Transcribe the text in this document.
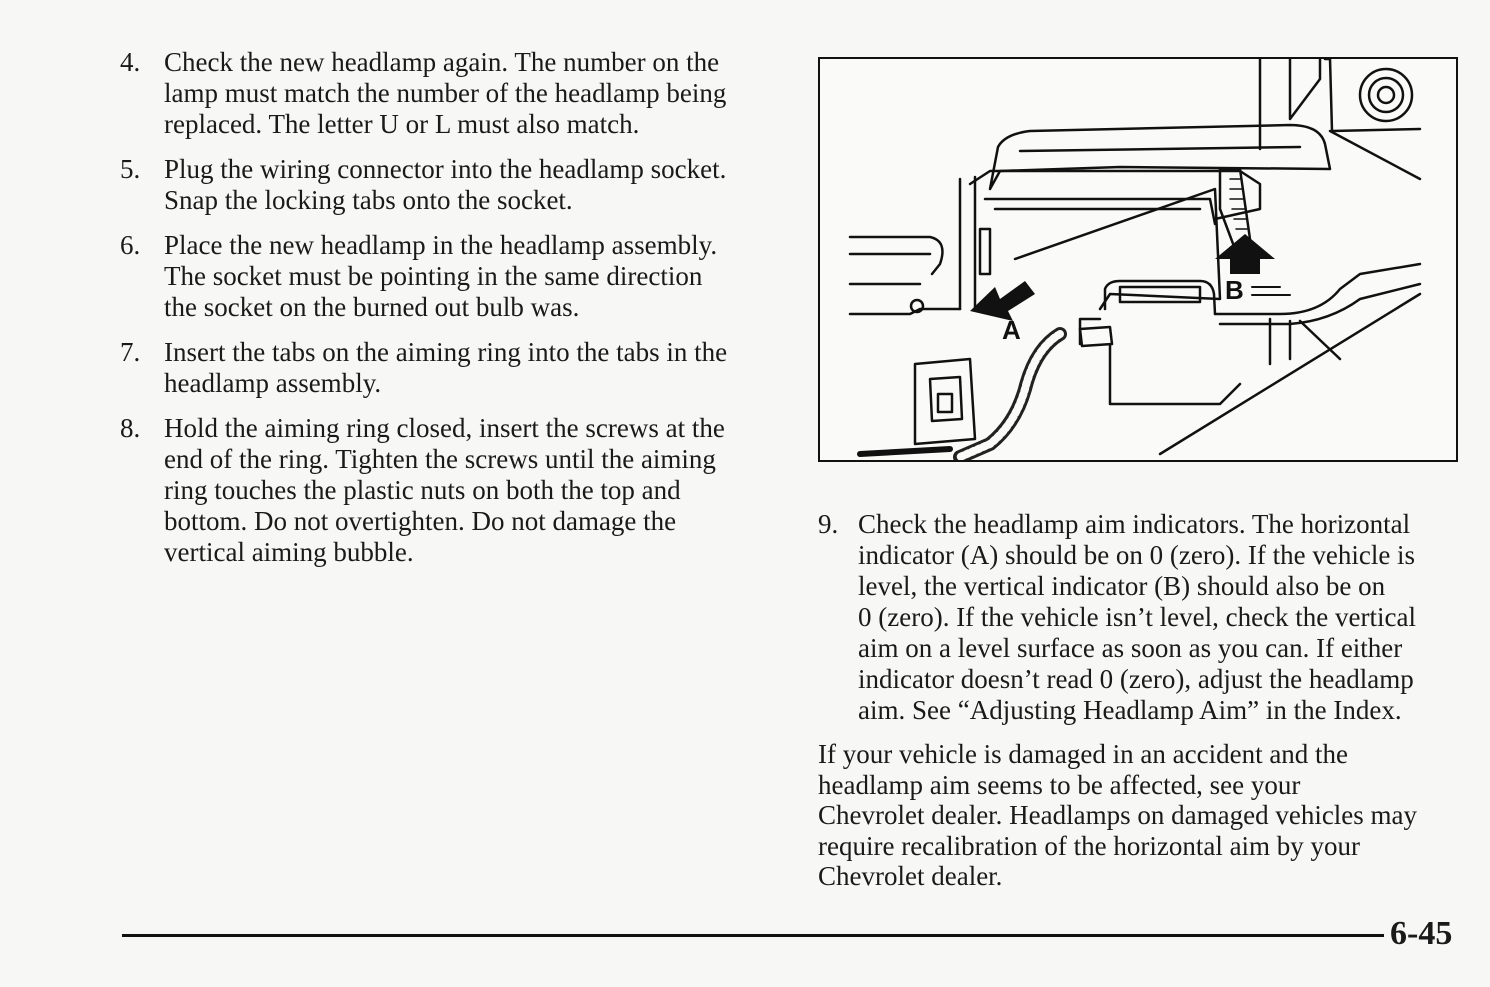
4. Check the new headlamp again. The number on the
lamp must match the number of the headlamp being
replaced. The letter U or L must also match.
5. Plug the wiring connector into the headlamp socket.
Snap the locking tabs onto the socket.
6. Place the new headlamp in the headlamp assembly.
The socket must be pointing in the same direction
the socket on the burned out bulb was.
7. Insert the tabs on the aiming ring into the tabs in the
headlamp assembly.
8. Hold the aiming ring closed, insert the screws at the
end of the ring. Tighten the screws until the aiming
ring touches the plastic nuts on both the top and
bottom. Do not overtighten. Do not damage the
vertical aiming bubble.
A
B
9. Check the headlamp aim indicators. The horizontal
indicator (A) should be on 0 (zero). If the vehicle is
level, the vertical indicator (B) should also be on
0 (zero). If the vehicle isn’t level, check the vertical
aim on a level surface as soon as you can. If either
indicator doesn’t read 0 (zero), adjust the headlamp
aim. See “Adjusting Headlamp Aim” in the Index.
If your vehicle is damaged in an accident and the
headlamp aim seems to be affected, see your
Chevrolet dealer. Headlamps on damaged vehicles may
require recalibration of the horizontal aim by your
Chevrolet dealer.
6-45
